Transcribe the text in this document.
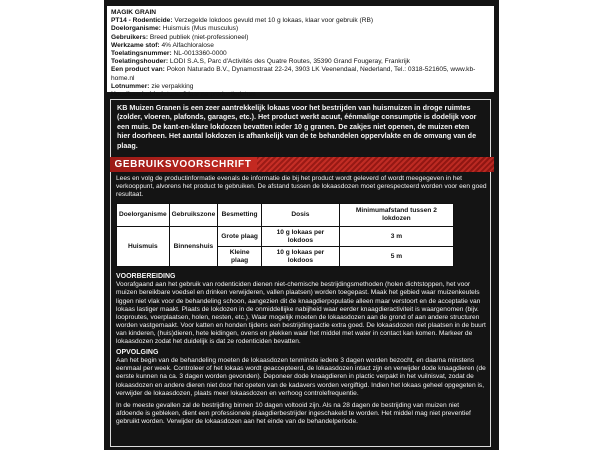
MAGIK GRAIN
PT14 - Rodenticide: Verzegelde lokdoos gevuld met 10 g lokaas, klaar voor gebruik (RB)
Doelorganisme: Huismuis (Mus musculus)
Gebruikers: Breed publiek (niet-professioneel)
Werkzame stof: 4% Alfachloralose
Toelatingsnummer: NL-0013360-0000
Toelatingshouder: LODI S.A.S, Parc d'Activités des Quatre Routes, 35390 Grand Fougeray, Frankrijk
Een product van: Pokon Naturado B.V., Dynamostraat 22-24, 3903 LK Veenendaal, Nederland, Tel.: 0318-521605, www.kb-home.nl
Lotnummer: zie verpakking
Houdbaarheidsdatum: 2 jaar na productiedatum
KB Muizen Granen is een zeer aantrekkelijk lokaas voor het bestrijden van huismuizen in droge ruimtes (zolder, vloeren, plafonds, garages, etc.). Het product werkt acuut, éénmalige consumptie is dodelijk voor een muis. De kant-en-klare lokdozen bevatten ieder 10 g granen. De zakjes niet openen, de muizen eten hier doorheen. Het aantal lokdozen is afhankelijk van de te behandelen oppervlakte en de omvang van de plaag.
GEBRUIKSVOORSCHRIFT

Lees en volg de productinformatie evenals de informatie die bij het product wordt geleverd of wordt meegegeven in het verkooppunt, alvorens het product te gebruiken. De afstand tussen de lokaasdozen moet gerespecteerd worden voor een goed resultaat.

Doelorganisme	Gebruikszone	Besmetting	Dosis	Minimumafstand tussen 2 lokdozen
Huismuis	Binnenshuis	Grote plaag	10 g lokaas per lokdoos	3 m
		Kleine plaag	10 g lokaas per lokdoos	5 m

VOORBEREIDING

Voorafgaand aan het gebruik van rodenticiden dienen niet-chemische bestrijdingsmethoden (holen dichtstoppen, het voor muizen bereikbare voedsel en drinken verwijderen, vallen plaatsen) worden toegepast. Maak het gebied waar muizenkeutels liggen niet vlak voor de behandeling schoon, aangezien dit de knaagdierpopulatie alleen maar verstoort en de acceptatie van lokaas lastiger maakt. Plaats de lokdozen in de onmiddellijke nabijheid waar eerder knaagdieractiviteit is waargenomen (bijv. looproutes, voerplaatsen, holen, nesten, etc.). Waar mogelijk moeten de lokaasdozen aan de grond of aan andere structuren worden vastgemaakt. Voor katten en honden tijdens een bestrijdingsactie extra goed. De lokaasdozen niet plaatsen in de buurt van kinderen, (huis)dieren, hete leidingen, ovens en plekken waar het middel met water in contact kan komen. Markeer de lokaasdozen zodat het duidelijk is dat ze rodenticiden bevatten.

OPVOLGING

Aan het begin van de behandeling moeten de lokaasdozen tenminste iedere 3 dagen worden bezocht, en daarna minstens eenmaal per week. Controleer of het lokaas wordt geaccepteerd, de lokaasdozen intact zijn en verwijder dode knaagdieren (de eerste kunnen na ca. 3 dagen worden gevonden). Deponeer dode knaagdieren in plactic verpakt in het vuilnisvat, zodat de lokaasdozen en andere dieren niet door het opeten van de kadavers worden vergiftigd. Indien het lokaas geheel opgegeten is, verwijder de lokaasdozen, plaats meer lokaasdozen en verhoog controlefrequentie.

In de meeste gevallen zal de bestrijding binnen 10 dagen voltooid zijn. Als na 28 dagen de bestrijding van muizen niet afdoende is gebleken, dient een professionele plaagdierbestrijder ingeschakeld te worden. Het middel mag niet preventief gebruikt worden. Verwijder de lokaasdozen aan het einde van de behandelperiode.
